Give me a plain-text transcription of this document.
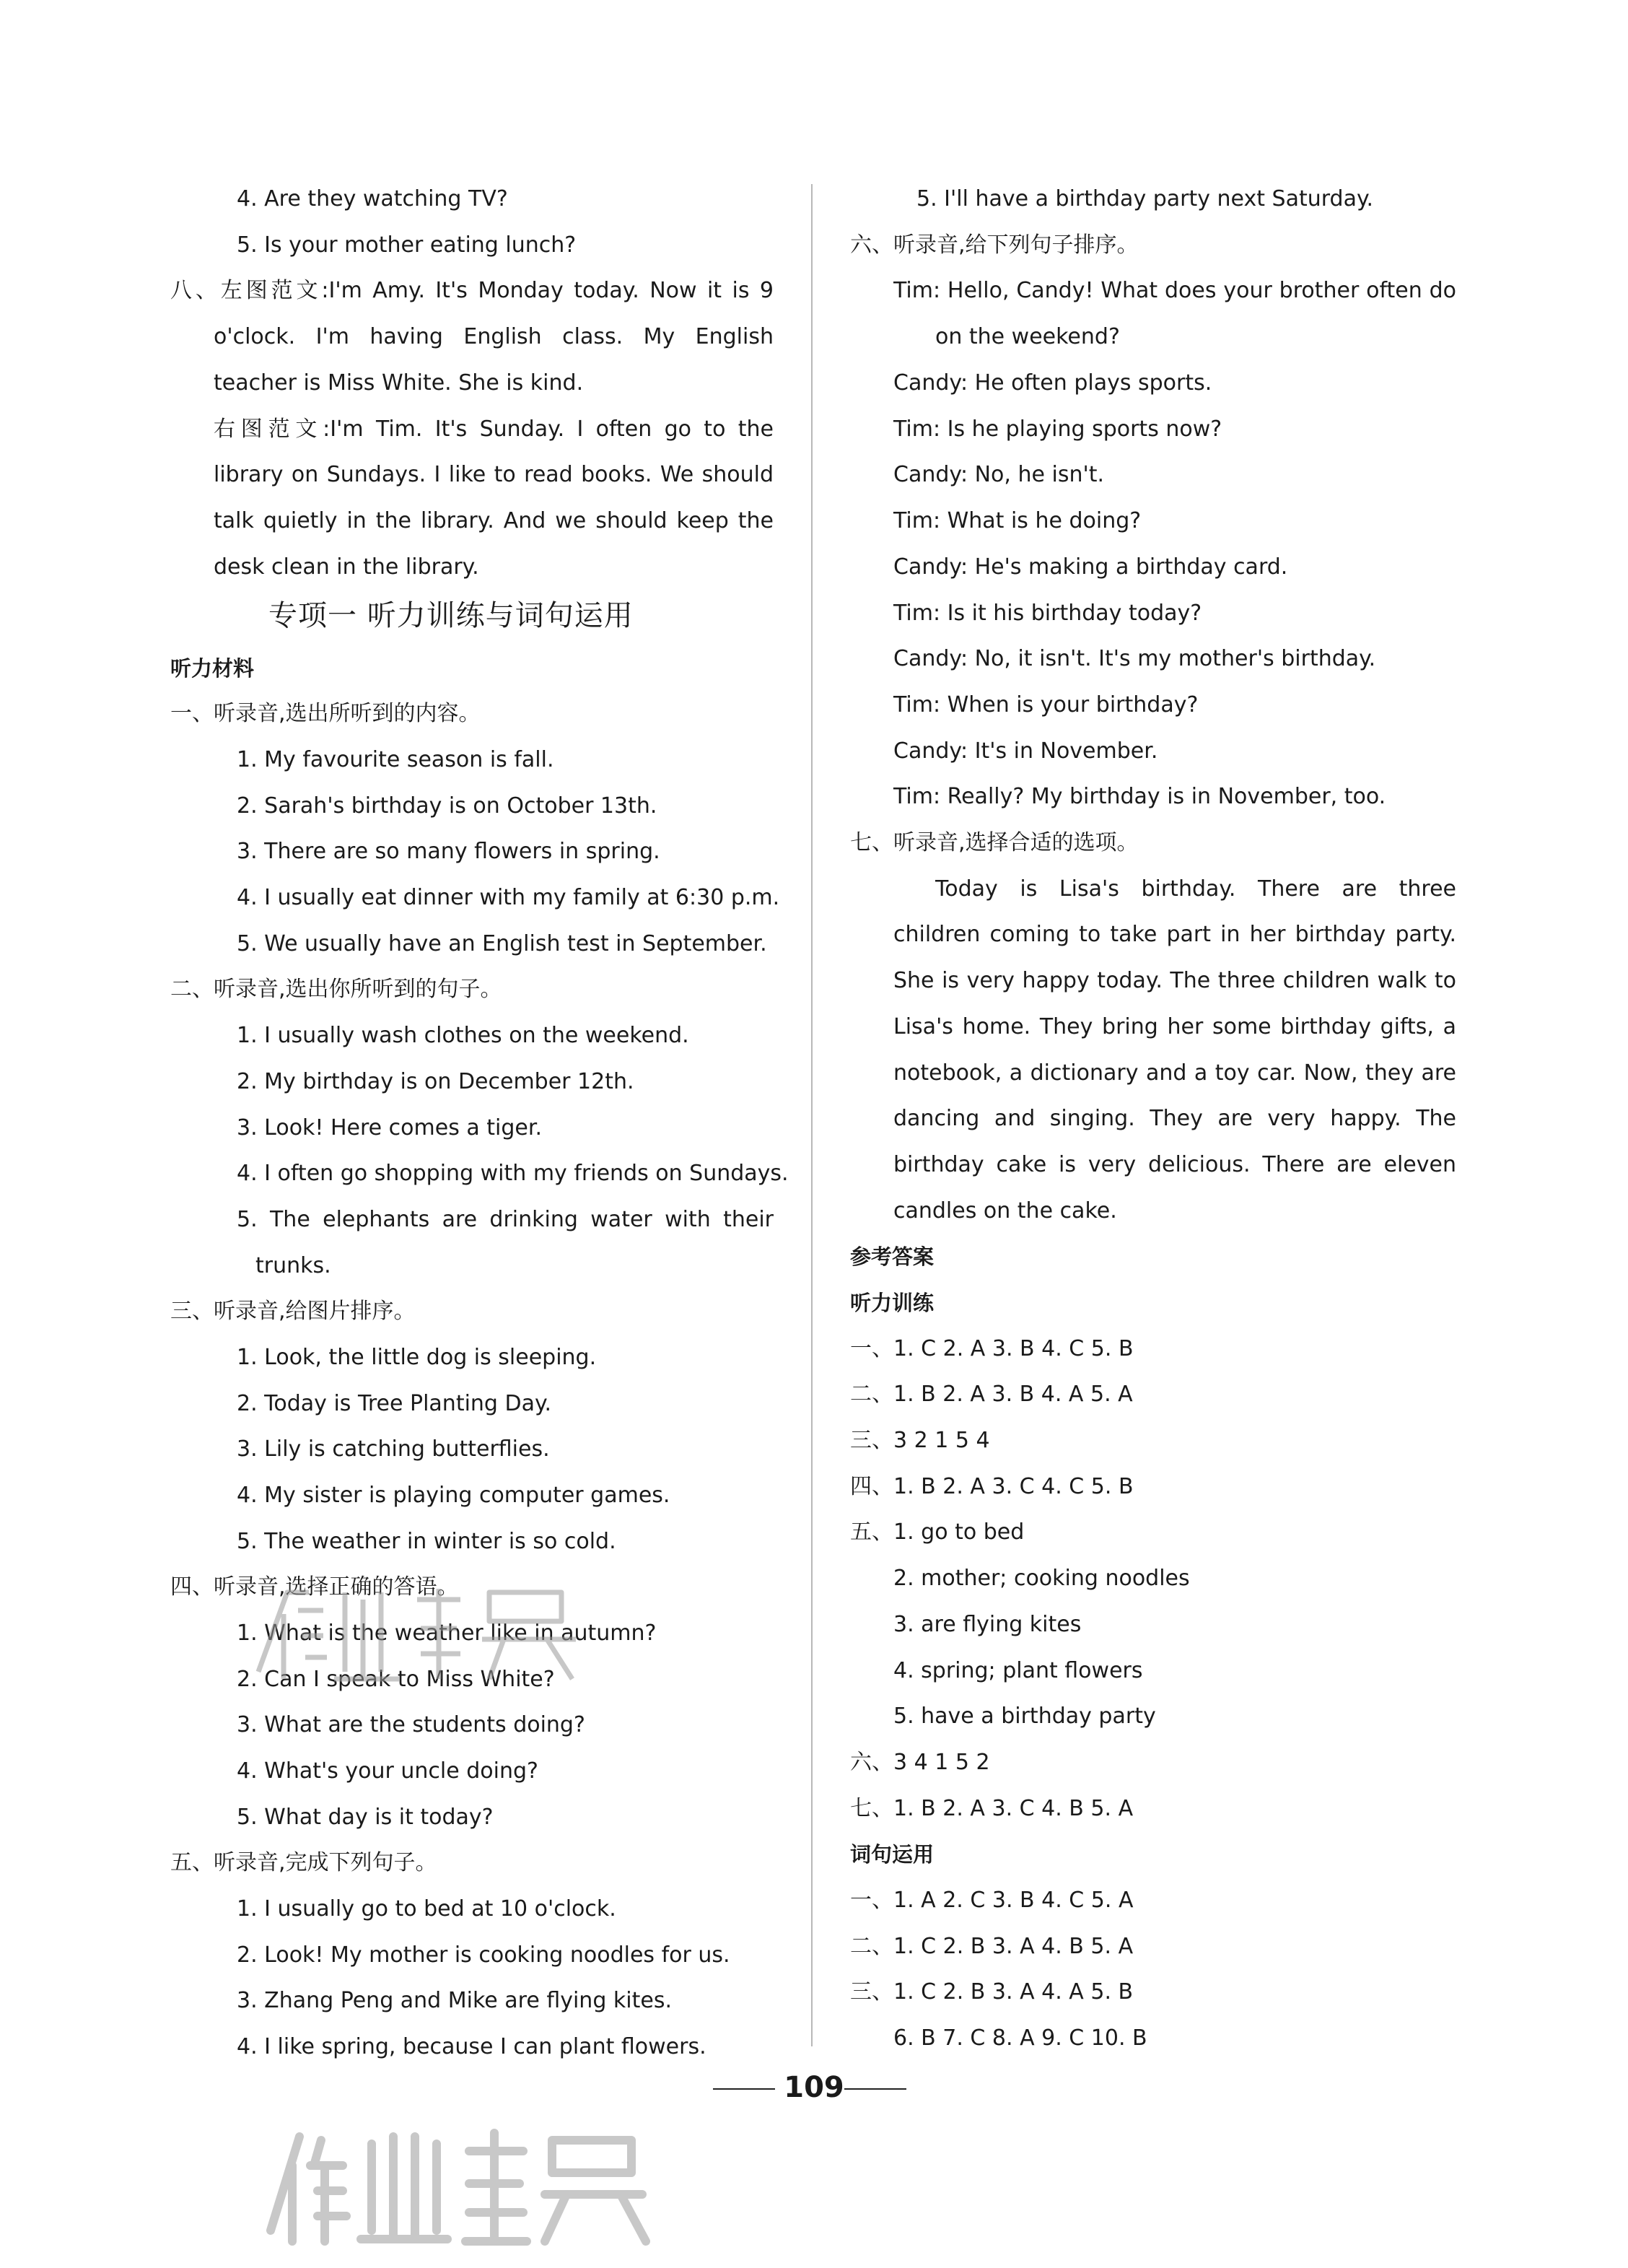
4. Are they watching TV?
5. Is your mother eating lunch?
八、左图范文:I'm Amy. It's Monday today. Now it is 9
o'clock. I'm having English class. My English
teacher is Miss White. She is kind.
右图范文:I'm Tim. It's Sunday. I often go to the
library on Sundays. I like to read books. We should
talk quietly in the library. And we should keep the
desk clean in the library.
听力材料
一、听录音,选出所听到的内容。
1. My favourite season is fall.
2. Sarah's birthday is on October 13th.
3. There are so many flowers in spring.
4. I usually eat dinner with my family at 6:30 p.m.
5. We usually have an English test in September.
二、听录音,选出你所听到的句子。
1. I usually wash clothes on the weekend.
2. My birthday is on December 12th.
3. Look! Here comes a tiger.
4. I often go shopping with my friends on Sundays.
5. The elephants are drinking water with their
trunks.
三、听录音,给图片排序。
1. Look, the little dog is sleeping.
2. Today is Tree Planting Day.
3. Lily is catching butterflies.
4. My sister is playing computer games.
5. The weather in winter is so cold.
四、听录音,选择正确的答语。
1. What is the weather like in autumn?
2. Can I speak to Miss White?
3. What are the students doing?
4. What's your uncle doing?
5. What day is it today?
五、听录音,完成下列句子。
1. I usually go to bed at 10 o'clock.
2. Look! My mother is cooking noodles for us.
3. Zhang Peng and Mike are flying kites.
4. I like spring, because I can plant flowers.
专项一 听力训练与词句运用
5. I'll have a birthday party next Saturday.
六、听录音,给下列句子排序。
Tim: Hello, Candy! What does your brother often do
on the weekend?
Candy: He often plays sports.
Tim: Is he playing sports now?
Candy: No, he isn't.
Tim: What is he doing?
Candy: He's making a birthday card.
Tim: Is it his birthday today?
Candy: No, it isn't. It's my mother's birthday.
Tim: When is your birthday?
Candy: It's in November.
Tim: Really? My birthday is in November, too.
七、听录音,选择合适的选项。
Today is Lisa's birthday. There are three
children coming to take part in her birthday party.
She is very happy today. The three children walk to
Lisa's home. They bring her some birthday gifts, a
notebook, a dictionary and a toy car. Now, they are
dancing and singing. They are very happy. The
birthday cake is very delicious. There are eleven
candles on the cake.
参考答案
听力训练
一、1. C 2. A 3. B 4. C 5. B
二、1. B 2. A 3. B 4. A 5. A
三、3 2 1 5 4
四、1. B 2. A 3. C 4. C 5. B
五、1. go to bed
2. mother; cooking noodles
3. are flying kites
4. spring; plant flowers
5. have a birthday party
六、3 4 1 5 2
七、1. B 2. A 3. C 4. B 5. A
词句运用
一、1. A 2. C 3. B 4. C 5. A
二、1. C 2. B 3. A 4. B 5. A
三、1. C 2. B 3. A 4. A 5. B
6. B 7. C 8. A 9. C 10. B
109
